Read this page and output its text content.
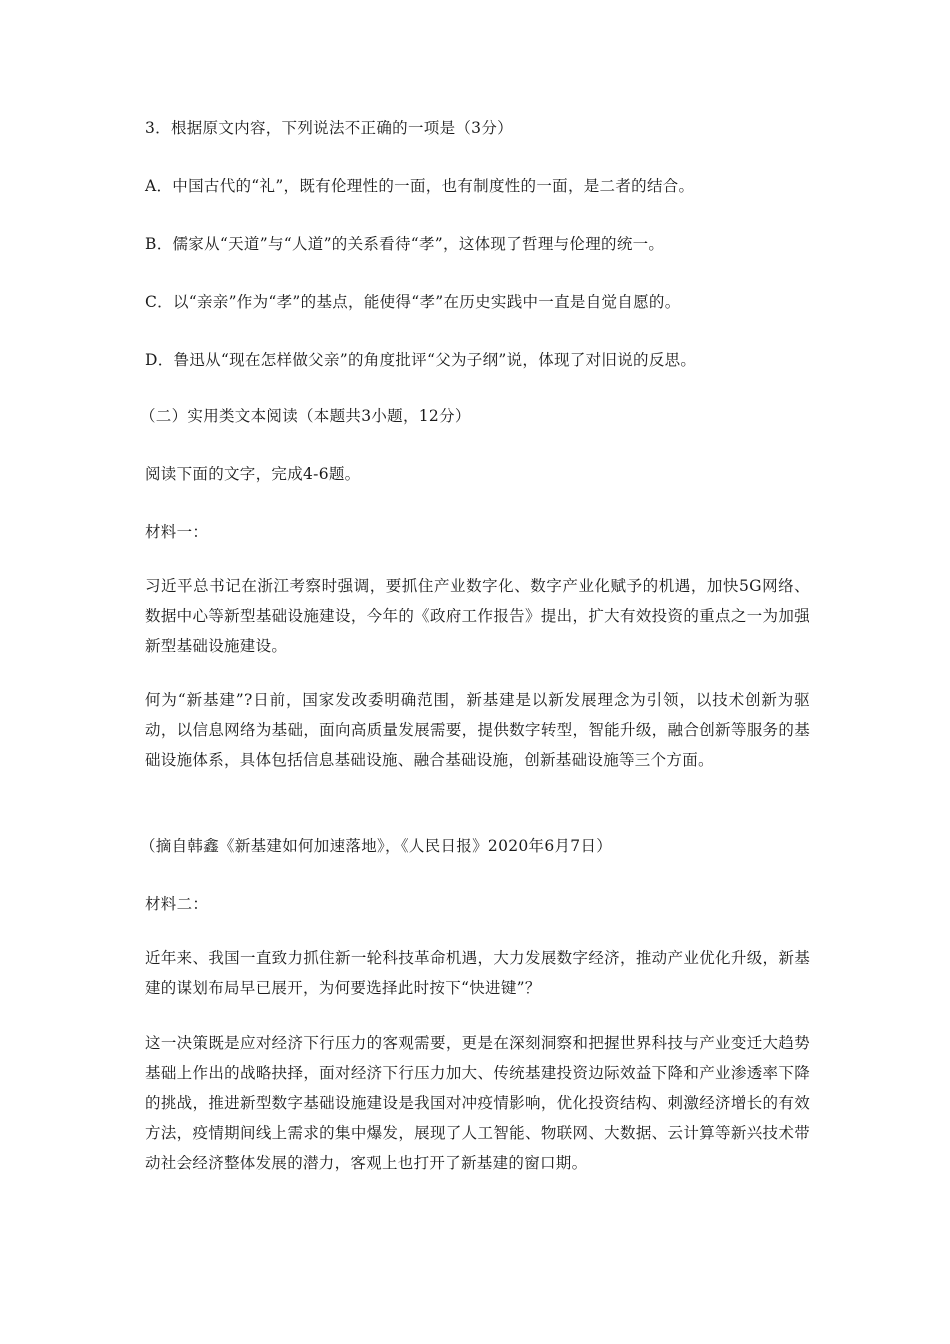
3．根据原文内容，下列说法不正确的一项是（3分）
A．中国古代的“礼”，既有伦理性的一面，也有制度性的一面，是二者的结合。
B．儒家从“天道”与“人道”的关系看待“孝”，这体现了哲理与伦理的统一。
C．以“亲亲”作为“孝”的基点，能使得“孝”在历史实践中一直是自觉自愿的。
D．鲁迅从“现在怎样做父亲”的角度批评“父为子纲”说，体现了对旧说的反思。
（二）实用类文本阅读（本题共3小题，12分）
阅读下面的文字，完成4-6题。
材料一：
习近平总书记在浙江考察时强调，要抓住产业数字化、数字产业化赋予的机遇，加快5G网络、数据中心等新型基础设施建设，今年的《政府工作报告》提出，扩大有效投资的重点之一为加强新型基础设施建设。
何为“新基建”?日前，国家发改委明确范围，新基建是以新发展理念为引领，以技术创新为驱动，以信息网络为基础，面向高质量发展需要，提供数字转型，智能升级，融合创新等服务的基础设施体系，具体包括信息基础设施、融合基础设施，创新基础设施等三个方面。
（摘自韩鑫《新基建如何加速落地》，《人民日报》2020年6月7日）
材料二：
近年来、我国一直致力抓住新一轮科技革命机遇，大力发展数字经济，推动产业优化升级，新基建的谋划布局早已展开，为何要选择此时按下“快进键”？
这一决策既是应对经济下行压力的客观需要，更是在深刻洞察和把握世界科技与产业变迁大趋势基础上作出的战略抉择，面对经济下行压力加大、传统基建投资边际效益下降和产业渗透率下降的挑战，推进新型数字基础设施建设是我国对冲疫情影响，优化投资结构、刺激经济增长的有效方法，疫情期间线上需求的集中爆发，展现了人工智能、物联网、大数据、云计算等新兴技术带动社会经济整体发展的潜力，客观上也打开了新基建的窗口期。
